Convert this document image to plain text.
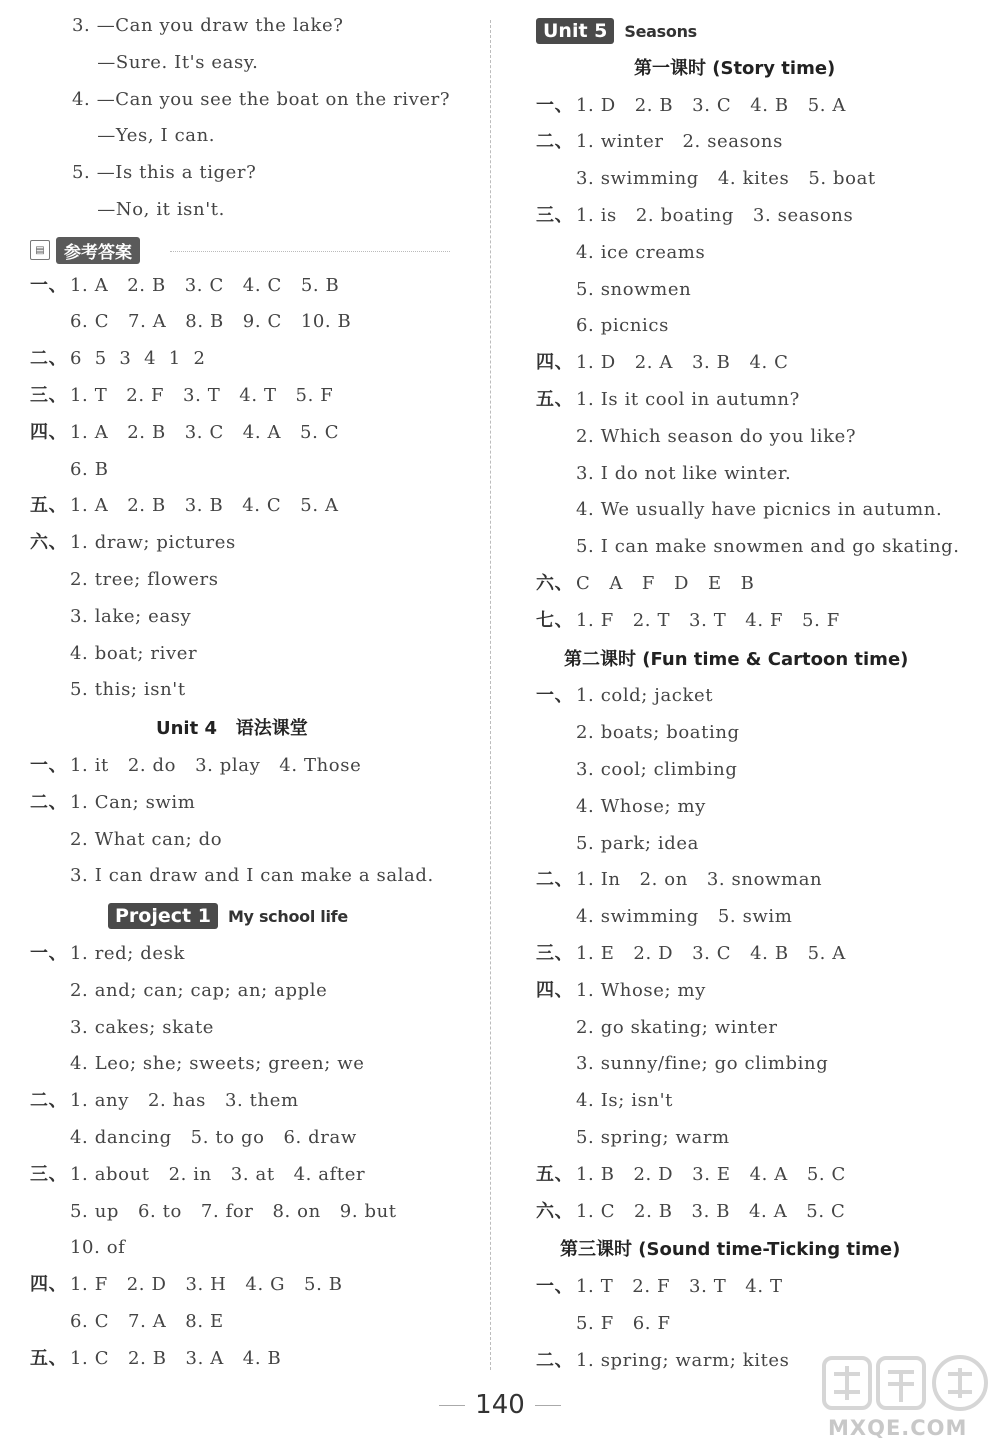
3. —Can you draw the lake?
—Sure. It's easy.
4. —Can you see the boat on the river?
—Yes, I can.
5. —Is this a tiger?
—No, it isn't.
▤	参考答案
一、 1. A   2. B   3. C   4. C   5. B
6. C   7. A   8. B   9. C   10. B
二、 6  5  3  4  1  2
三、 1. T   2. F   3. T   4. T   5. F
四、 1. A   2. B   3. C   4. A   5. C
6. B
五、 1. A   2. B   3. B   4. C   5. A
六、 1. draw; pictures
2. tree; flowers
3. lake; easy
4. boat; river
5. this; isn't
Unit 4   语法课堂
一、 1. it   2. do   3. play   4. Those
二、 1. Can; swim
2. What can; do
3. I can draw and I can make a salad.
Project 1	My school life
一、 1. red; desk
2. and; can; cap; an; apple
3. cakes; skate
4. Leo; she; sweets; green; we
二、 1. any   2. has   3. them
4. dancing   5. to go   6. draw
三、 1. about   2. in   3. at   4. after
5. up   6. to   7. for   8. on   9. but
10. of
四、 1. F   2. D   3. H   4. G   5. B
6. C   7. A   8. E
五、 1. C   2. B   3. A   4. B
Unit 5	Seasons
第一课时 (Story time)
一、 1. D   2. B   3. C   4. B   5. A
二、 1. winter   2. seasons
3. swimming   4. kites   5. boat
三、 1. is   2. boating   3. seasons
4. ice creams
5. snowmen
6. picnics
四、 1. D   2. A   3. B   4. C
五、 1. Is it cool in autumn?
2. Which season do you like?
3. I do not like winter.
4. We usually have picnics in autumn.
5. I can make snowmen and go skating.
六、 C   A   F   D   E   B
七、 1. F   2. T   3. T   4. F   5. F
第二课时 (Fun time & Cartoon time)
一、 1. cold; jacket
2. boats; boating
3. cool; climbing
4. Whose; my
5. park; idea
二、 1. In   2. on   3. snowman
4. swimming   5. swim
三、 1. E   2. D   3. C   4. B   5. A
四、 1. Whose; my
2. go skating; winter
3. sunny/fine; go climbing
4. Is; isn't
5. spring; warm
五、 1. B   2. D   3. E   4. A   5. C
六、 1. C   2. B   3. B   4. A   5. C
第三课时 (Sound time-Ticking time)
一、 1. T   2. F   3. T   4. T
5. F   6. F
二、 1. spring; warm; kites
140
MXQE.COM
